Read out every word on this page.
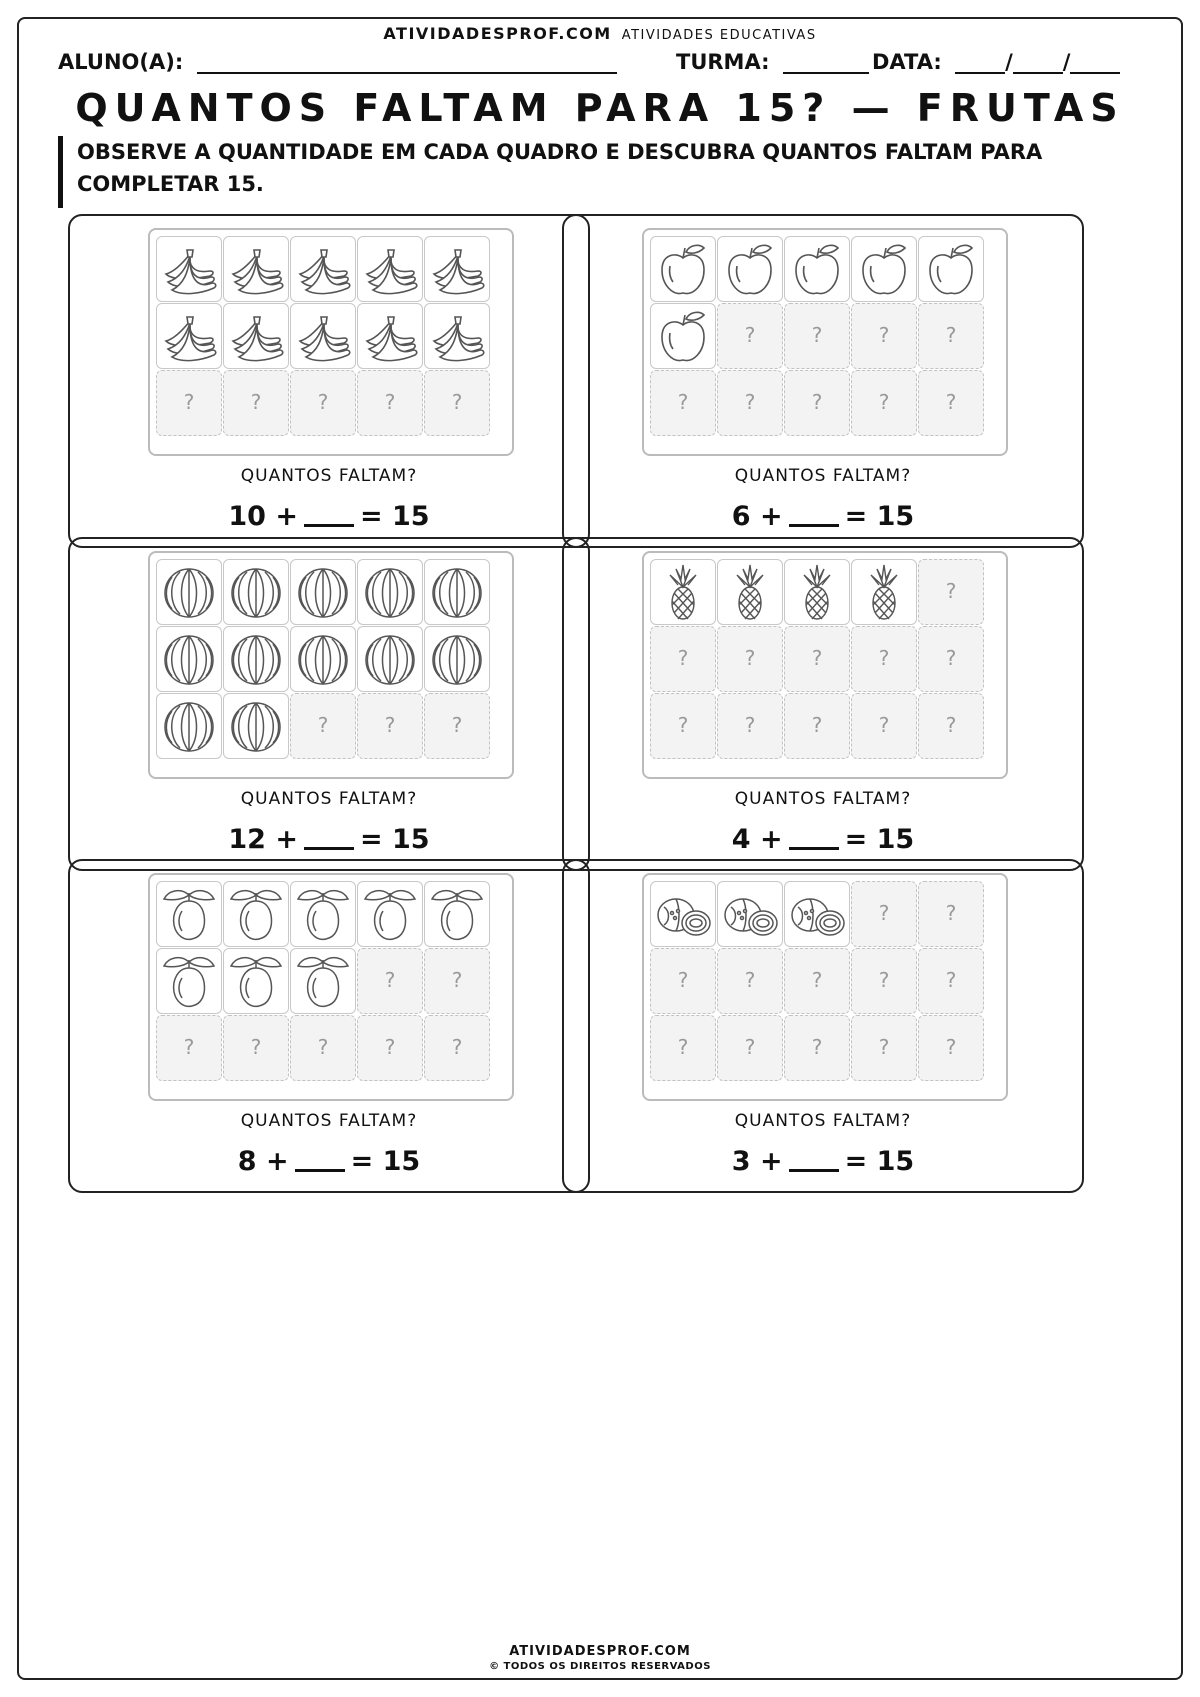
ATIVIDADESPROF.COM ATIVIDADES EDUCATIVAS
ALUNO(A):	TURMA:	DATA:	/ /
QUANTOS FALTAM PARA 15? — FRUTAS
OBSERVE A QUANTIDADE EM CADA QUADRO E DESCUBRA QUANTOS FALTAM PARA COMPLETAR 15.
?	?	?	?	?
QUANTOS FALTAM?
10 + = 15
?	?	?	?
?	?	?	?	?
QUANTOS FALTAM?
6 + = 15
?	?	?
QUANTOS FALTAM?
12 + = 15
?
?	?	?	?	?
?	?	?	?	?
QUANTOS FALTAM?
4 + = 15
?	?
?	?	?	?	?
QUANTOS FALTAM?
8 + = 15
?	?
?	?	?	?	?
?	?	?	?	?
QUANTOS FALTAM?
3 + = 15
ATIVIDADESPROF.COM
© TODOS OS DIREITOS RESERVADOS
